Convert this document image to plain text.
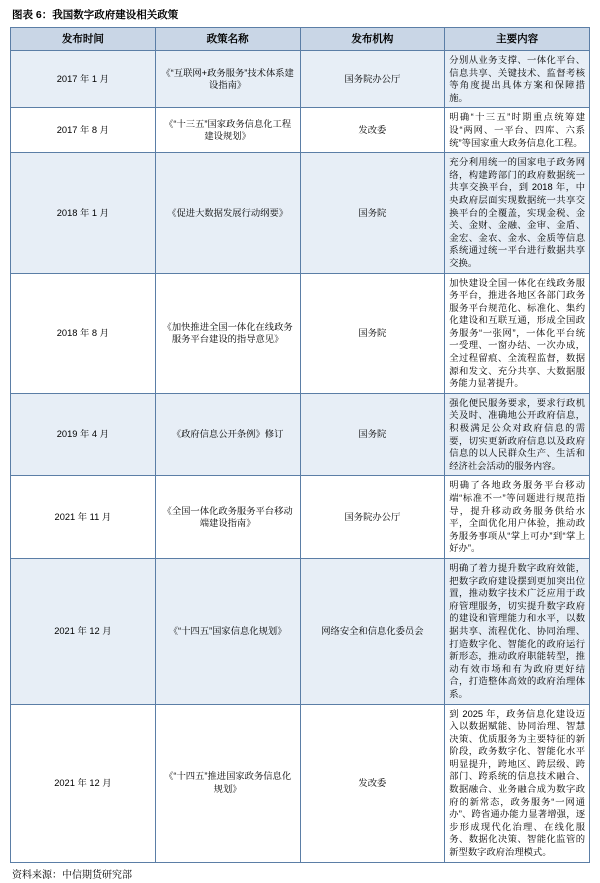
图表 6：我国数字政府建设相关政策
发布时间	政策名称	发布机构	主要内容
2017 年 1 月	《“互联网+政务服务”技术体系建设指南》	国务院办公厅	分别从业务支撑、一体化平台、信息共享、关键技术、监督考核等角度提出具体方案和保障措施。
2017 年 8 月	《“十三五”国家政务信息化工程建设规划》	发改委	明确“十三五”时期重点统筹建设“两网、一平台、四库、六系统”等国家重大政务信息化工程。
2018 年 1 月	《促进大数据发展行动纲要》	国务院	充分利用统一的国家电子政务网络，构建跨部门的政府数据统一共享交换平台，到 2018 年，中央政府层面实现数据统一共享交换平台的全覆盖，实现金税、金关、金财、金融、金审、金盾、金宏、金农、金水、金质等信息系统通过统一平台进行数据共享交换。
2018 年 8 月	《加快推进全国一体化在线政务服务平台建设的指导意见》	国务院	加快建设全国一体化在线政务服务平台，推进各地区各部门政务服务平台规范化、标准化、集约化建设和互联互通，形成全国政务服务“一张网”，一体化平台统一受理、一窗办结、一次办成，全过程留痕、全流程监督，数据源和发文、充分共享、大数据服务能力显著提升。
2019 年 4 月	《政府信息公开条例》修订	国务院	强化便民服务要求，要求行政机关及时、准确地公开政府信息，积极满足公众对政府信息的需要，切实更新政府信息以及政府信息的以人民群众生产、生活和经济社会活动的服务内容。
2021 年 11 月	《全国一体化政务服务平台移动端建设指南》	国务院办公厅	明确了各地政务服务平台移动端“标准不一”等问题进行规范指导，提升移动政务服务供给水平，全面优化用户体验，推动政务服务事项从“掌上可办”到“掌上好办”。
2021 年 12 月	《“十四五”国家信息化规划》	网络安全和信息化委员会	明确了着力提升数字政府效能，把数字政府建设摆到更加突出位置，推动数字技术广泛应用于政府管理服务，切实提升数字政府的建设和管理能力和水平，以数据共享、流程优化、协同治理、打造数字化、智能化的政府运行新形态，推动政府职能转型，推动有效市场和有为政府更好结合，打造整体高效的政府治理体系。
2021 年 12 月	《“十四五”推进国家政务信息化规划》	发改委	到 2025 年，政务信息化建设迈入以数据赋能、协同治理、智慧决策、优质服务为主要特征的新阶段，政务数字化、智能化水平明显提升，跨地区、跨层级、跨部门、跨系统的信息技术融合、数据融合、业务融合成为数字政府的新常态，政务服务“一网通办”、跨省通办能力显著增强，逐步形成现代化治理、在线化服务、数据化决策、智能化监管的新型数字政府治理模式。
资料来源：中信期货研究部
